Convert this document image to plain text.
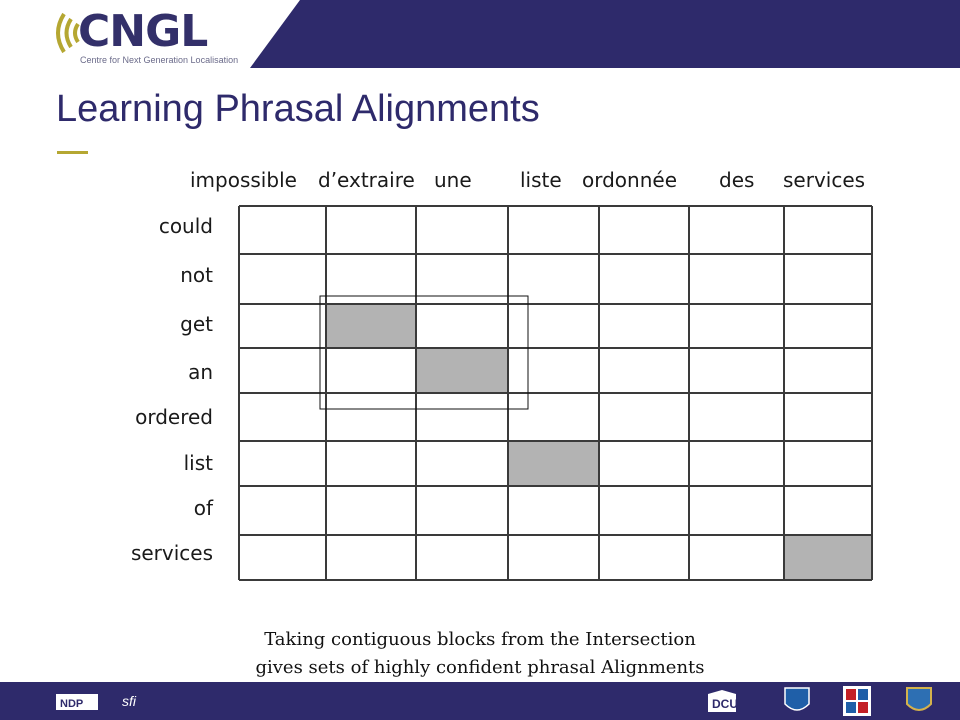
CNGL
Centre for Next Generation Localisation
Learning Phrasal Alignments
impossible d’extraire une liste ordonnée des services
could
not
get
an
ordered
list
of
services
Taking contiguous blocks from the Intersection
gives sets of highly confident phrasal Alignments
NDP	sfi	DCU
